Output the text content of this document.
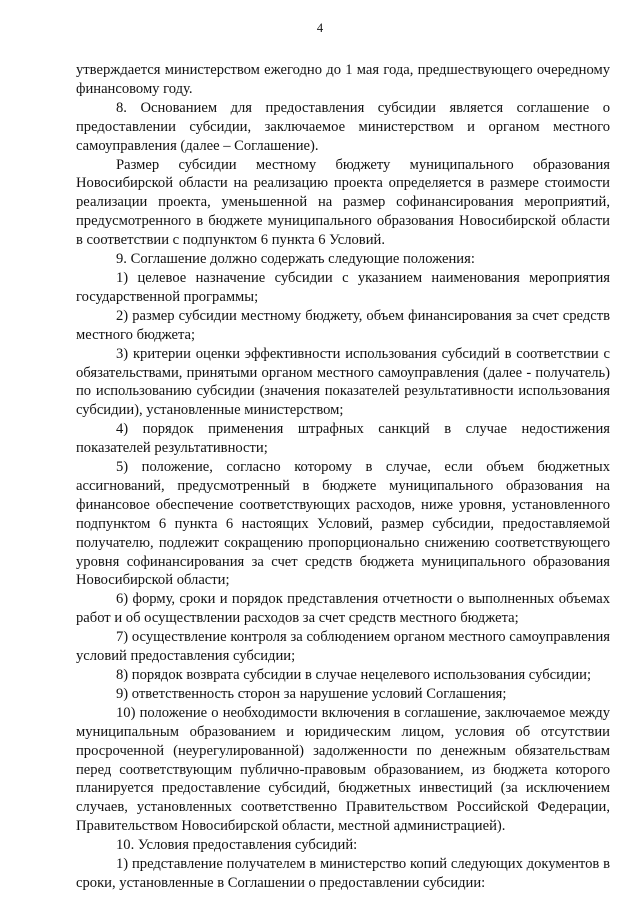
4

утверждается министерством ежегодно до 1 мая года, предшествующего очередному финансовому году.

8. Основанием для предоставления субсидии является соглашение о предоставлении субсидии, заключаемое министерством и органом местного самоуправления (далее – Соглашение).

Размер субсидии местному бюджету муниципального образования Новосибирской области на реализацию проекта определяется в размере стоимости реализации проекта, уменьшенной на размер софинансирования мероприятий, предусмотренного в бюджете муниципального образования Новосибирской области в соответствии с подпунктом 6 пункта 6 Условий.

9. Соглашение должно содержать следующие положения:

1) целевое назначение субсидии с указанием наименования мероприятия государственной программы;

2) размер субсидии местному бюджету, объем финансирования за счет средств местного бюджета;

3) критерии оценки эффективности использования субсидий в соответствии с обязательствами, принятыми органом местного самоуправления (далее - получатель) по использованию субсидии (значения показателей результативности использования субсидии), установленные министерством;

4) порядок применения штрафных санкций в случае недостижения показателей результативности;

5) положение, согласно которому в случае, если объем бюджетных ассигнований, предусмотренный в бюджете муниципального образования на финансовое обеспечение соответствующих расходов, ниже уровня, установленного подпунктом 6 пункта 6 настоящих Условий, размер субсидии, предоставляемой получателю, подлежит сокращению пропорционально снижению соответствующего уровня софинансирования за счет средств бюджета муниципального образования Новосибирской области;

6) форму, сроки и порядок представления отчетности о выполненных объемах работ и об осуществлении расходов за счет средств местного бюджета;

7) осуществление контроля за соблюдением органом местного самоуправления условий предоставления субсидии;

8) порядок возврата субсидии в случае нецелевого использования субсидии;

9) ответственность сторон за нарушение условий Соглашения;

10) положение о необходимости включения в соглашение, заключаемое между муниципальным образованием и юридическим лицом, условия об отсутствии просроченной (неурегулированной) задолженности по денежным обязательствам перед соответствующим публично-правовым образованием, из бюджета которого планируется предоставление субсидий, бюджетных инвестиций (за исключением случаев, установленных соответственно Правительством Российской Федерации, Правительством Новосибирской области, местной администрацией).

10. Условия предоставления субсидий:

1) представление получателем в министерство копий следующих документов в сроки, установленные в Соглашении о предоставлении субсидии:
